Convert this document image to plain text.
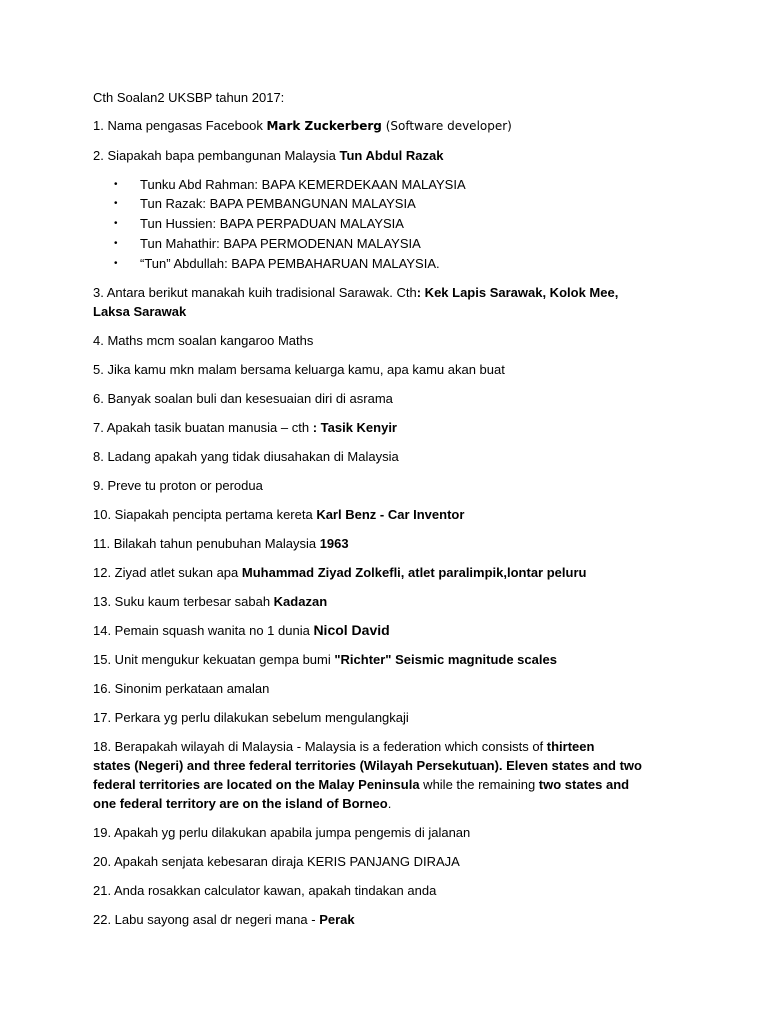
Cth Soalan2 UKSBP tahun 2017:
1. Nama pengasas Facebook Mark Zuckerberg (Software developer)
2. Siapakah bapa pembangunan Malaysia Tun Abdul Razak
•	Tunku Abd Rahman: BAPA KEMERDEKAAN MALAYSIA
•	Tun Razak: BAPA PEMBANGUNAN MALAYSIA
•	Tun Hussien: BAPA PERPADUAN MALAYSIA
•	Tun Mahathir: BAPA PERMODENAN MALAYSIA
•	“Tun” Abdullah: BAPA PEMBAHARUAN MALAYSIA.
3. Antara berikut manakah kuih tradisional Sarawak. Cth: Kek Lapis Sarawak, Kolok Mee,
Laksa Sarawak
4. Maths mcm soalan kangaroo Maths
5. Jika kamu mkn malam bersama keluarga kamu, apa kamu akan buat
6. Banyak soalan buli dan kesesuaian diri di asrama
7. Apakah tasik buatan manusia – cth : Tasik Kenyir
8. Ladang apakah yang tidak diusahakan di Malaysia
9. Preve tu proton or perodua
10. Siapakah pencipta pertama kereta Karl Benz - Car Inventor
11. Bilakah tahun penubuhan Malaysia 1963
12. Ziyad atlet sukan apa Muhammad Ziyad Zolkefli, atlet paralimpik,lontar peluru
13. Suku kaum terbesar sabah Kadazan
14. Pemain squash wanita no 1 dunia Nicol David
15. Unit mengukur kekuatan gempa bumi "Richter" Seismic magnitude scales
16. Sinonim perkataan amalan
17. Perkara yg perlu dilakukan sebelum mengulangkaji
18. Berapakah wilayah di Malaysia - Malaysia is a federation which consists of thirteen
states (Negeri) and three federal territories (Wilayah Persekutuan). Eleven states and two
federal territories are located on the Malay Peninsula while the remaining two states and
one federal territory are on the island of Borneo.
19. Apakah yg perlu dilakukan apabila jumpa pengemis di jalanan
20. Apakah senjata kebesaran diraja KERIS PANJANG DIRAJA
21. Anda rosakkan calculator kawan, apakah tindakan anda
22. Labu sayong asal dr negeri mana - Perak
